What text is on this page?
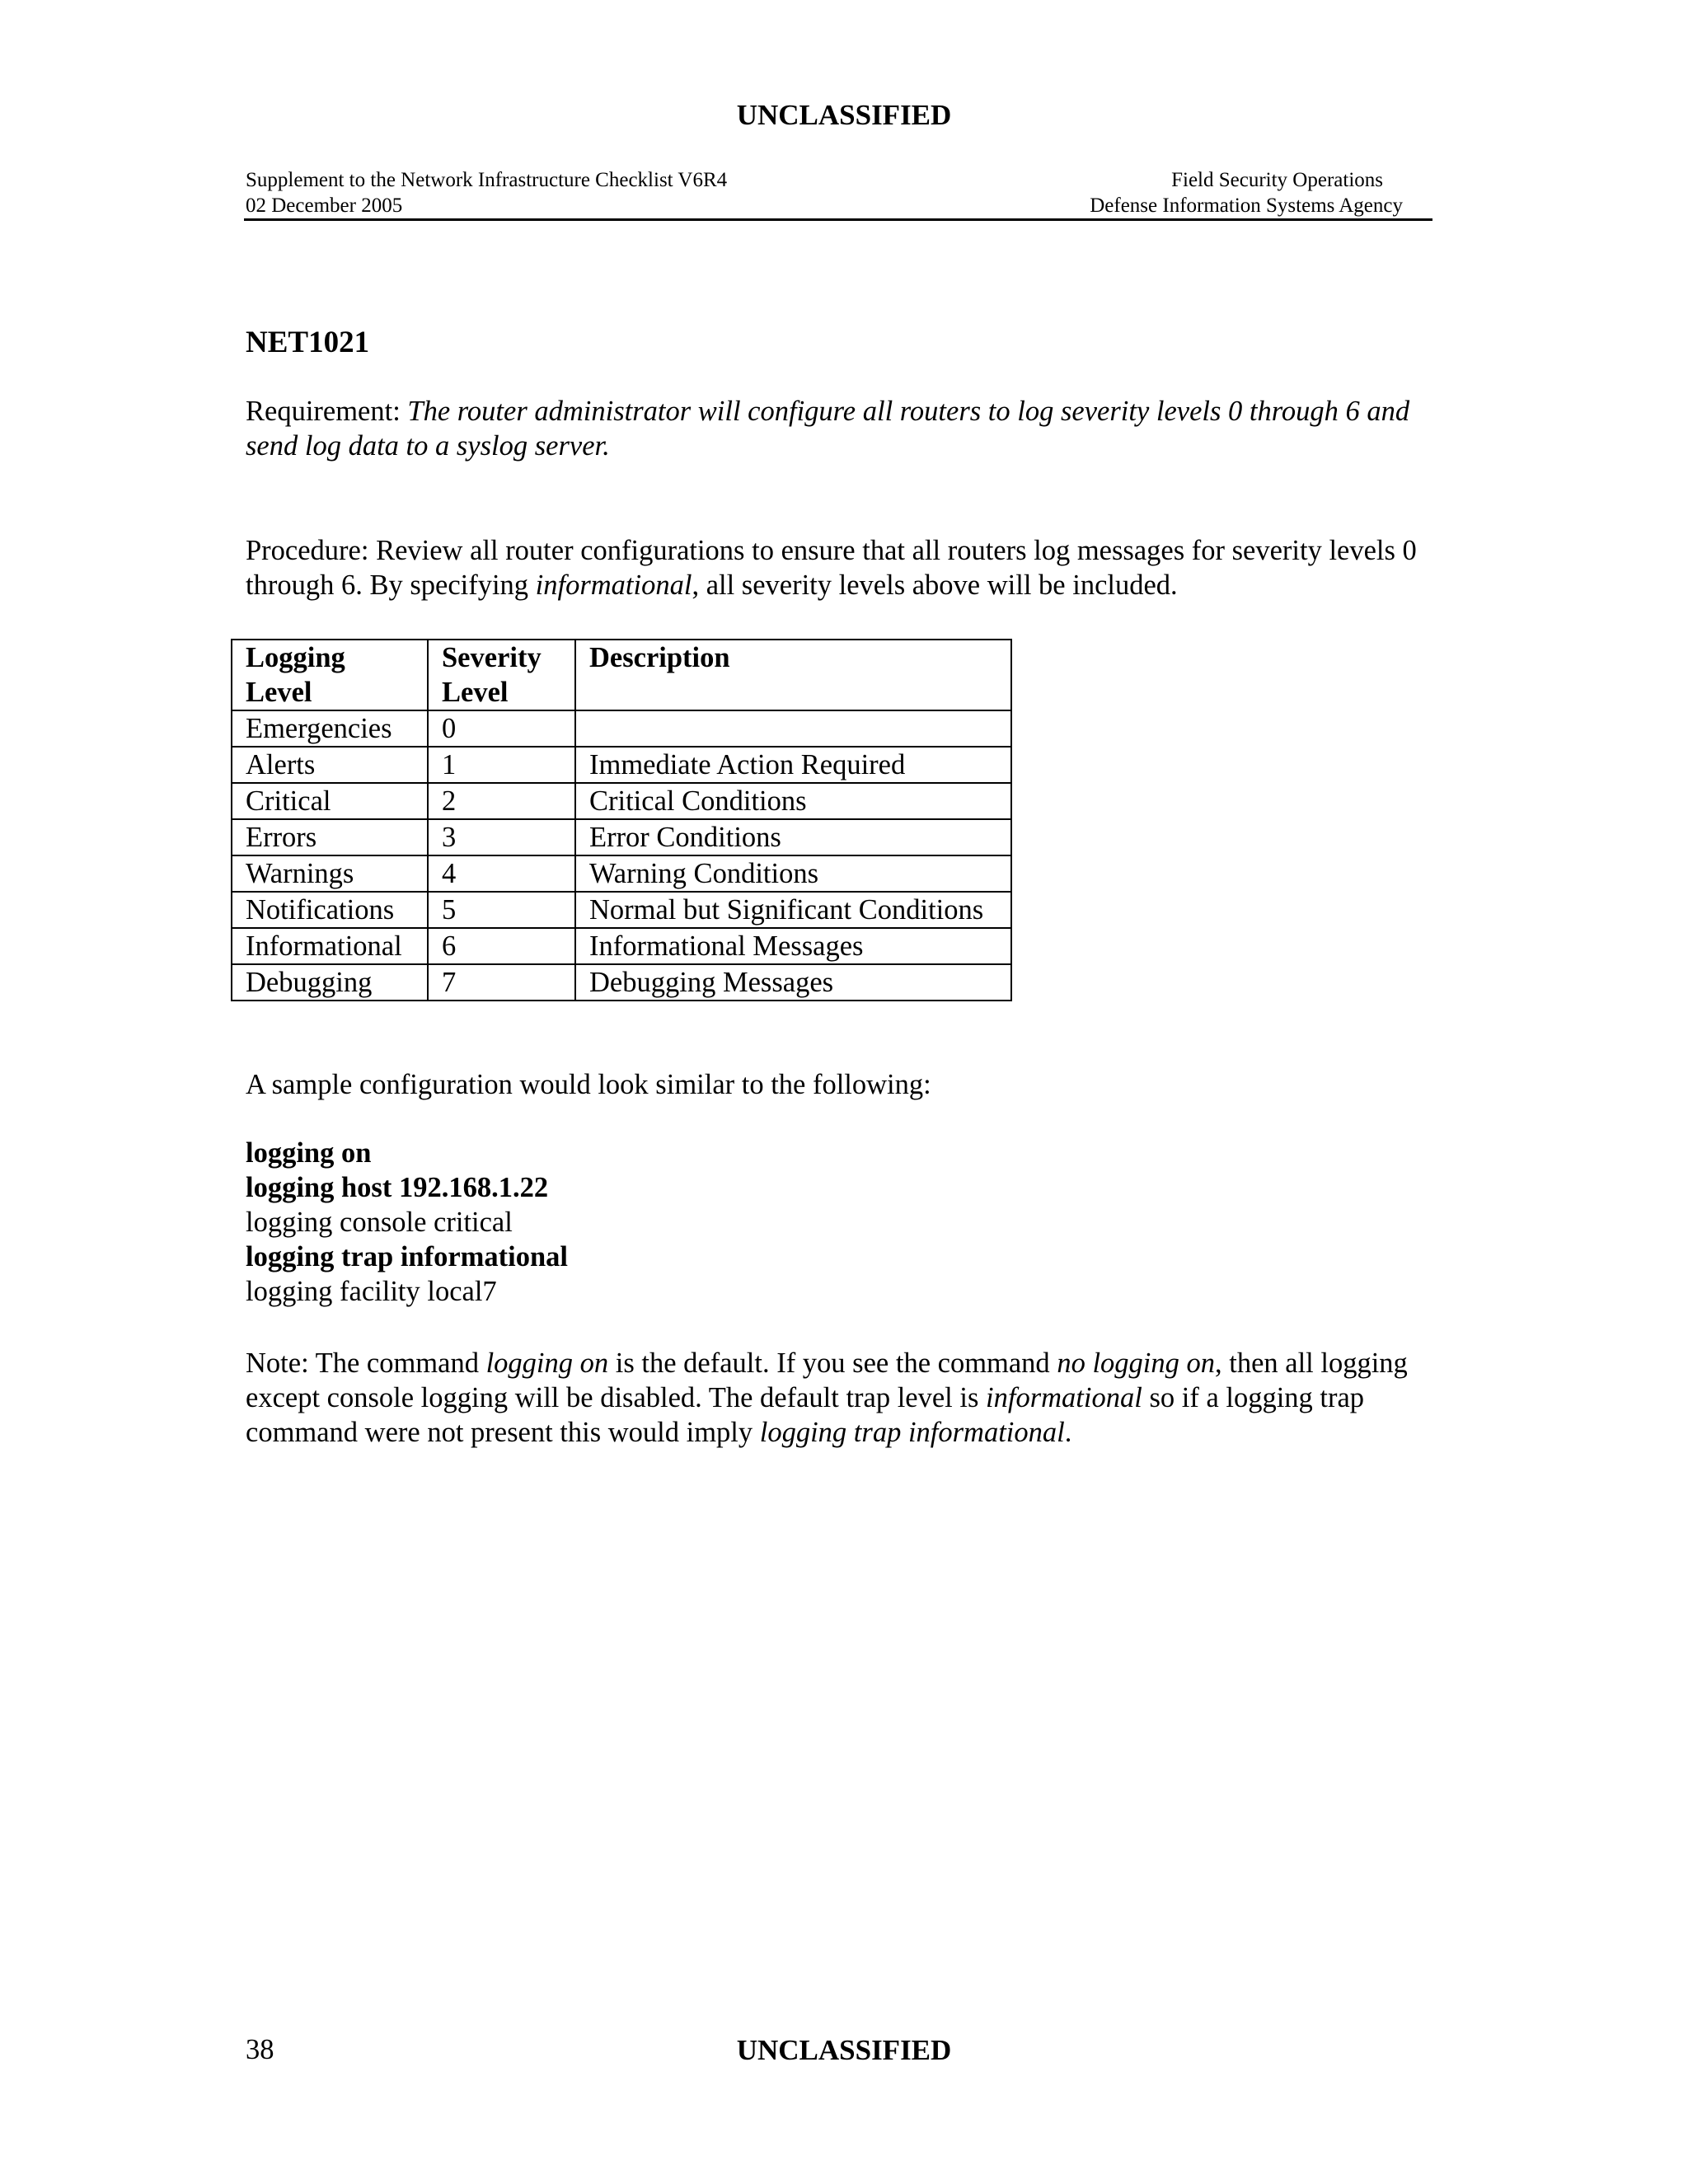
UNCLASSIFIED
Supplement to the Network Infrastructure Checklist V6R4
02 December 2005
Field Security Operations
Defense Information Systems Agency
NET1021
Requirement: The router administrator will configure all routers to log severity levels 0 through 6 and send log data to a syslog server.
Procedure: Review all router configurations to ensure that all routers log messages for severity levels 0 through 6. By specifying informational, all severity levels above will be included.
Logging Level	Severity Level	Description
Emergencies	0	
Alerts	1	Immediate Action Required
Critical	2	Critical Conditions
Errors	3	Error Conditions
Warnings	4	Warning Conditions
Notifications	5	Normal but Significant Conditions
Informational	6	Informational Messages
Debugging	7	Debugging Messages
A sample configuration would look similar to the following:
logging on
logging host 192.168.1.22
logging console critical
logging trap informational
logging facility local7
Note: The command logging on is the default. If you see the command no logging on, then all logging except console logging will be disabled. The default trap level is informational so if a logging trap command were not present this would imply logging trap informational.
38	UNCLASSIFIED
